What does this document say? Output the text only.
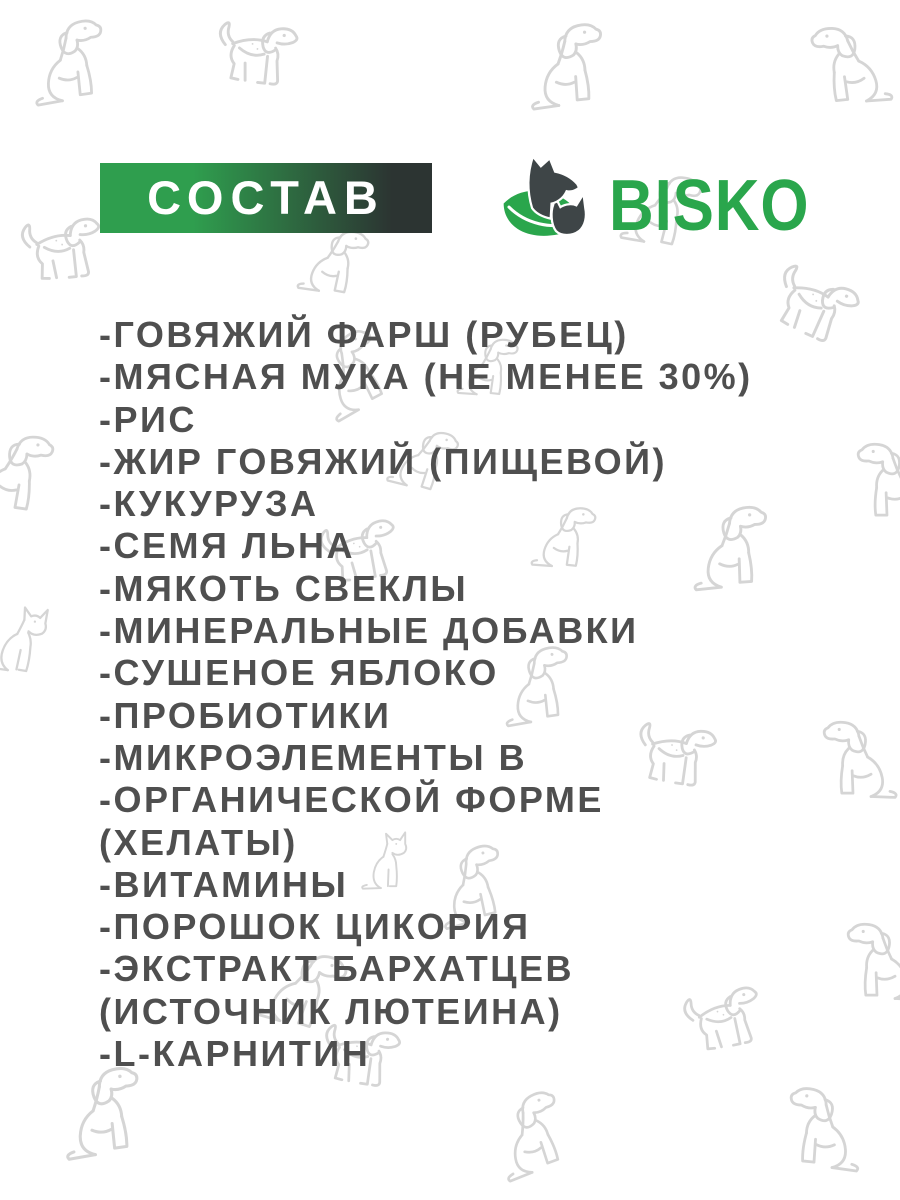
СОСТАВ	BISKO
-ГОВЯЖИЙ ФАРШ (РУБЕЦ)
-МЯСНАЯ МУКА (НЕ МЕНЕЕ 30%)
-РИС
-ЖИР ГОВЯЖИЙ (ПИЩЕВОЙ)
-КУКУРУЗА
-СЕМЯ ЛЬНА
-МЯКОТЬ СВЕКЛЫ
-МИНЕРАЛЬНЫЕ ДОБАВКИ
-СУШЕНОЕ ЯБЛОКО
-ПРОБИОТИКИ
-МИКРОЭЛЕМЕНТЫ В
-ОРГАНИЧЕСКОЙ ФОРМЕ
(ХЕЛАТЫ)
-ВИТАМИНЫ
-ПОРОШОК ЦИКОРИЯ
-ЭКСТРАКТ БАРХАТЦЕВ
(ИСТОЧНИК ЛЮТЕИНА)
-L-КАРНИТИН
